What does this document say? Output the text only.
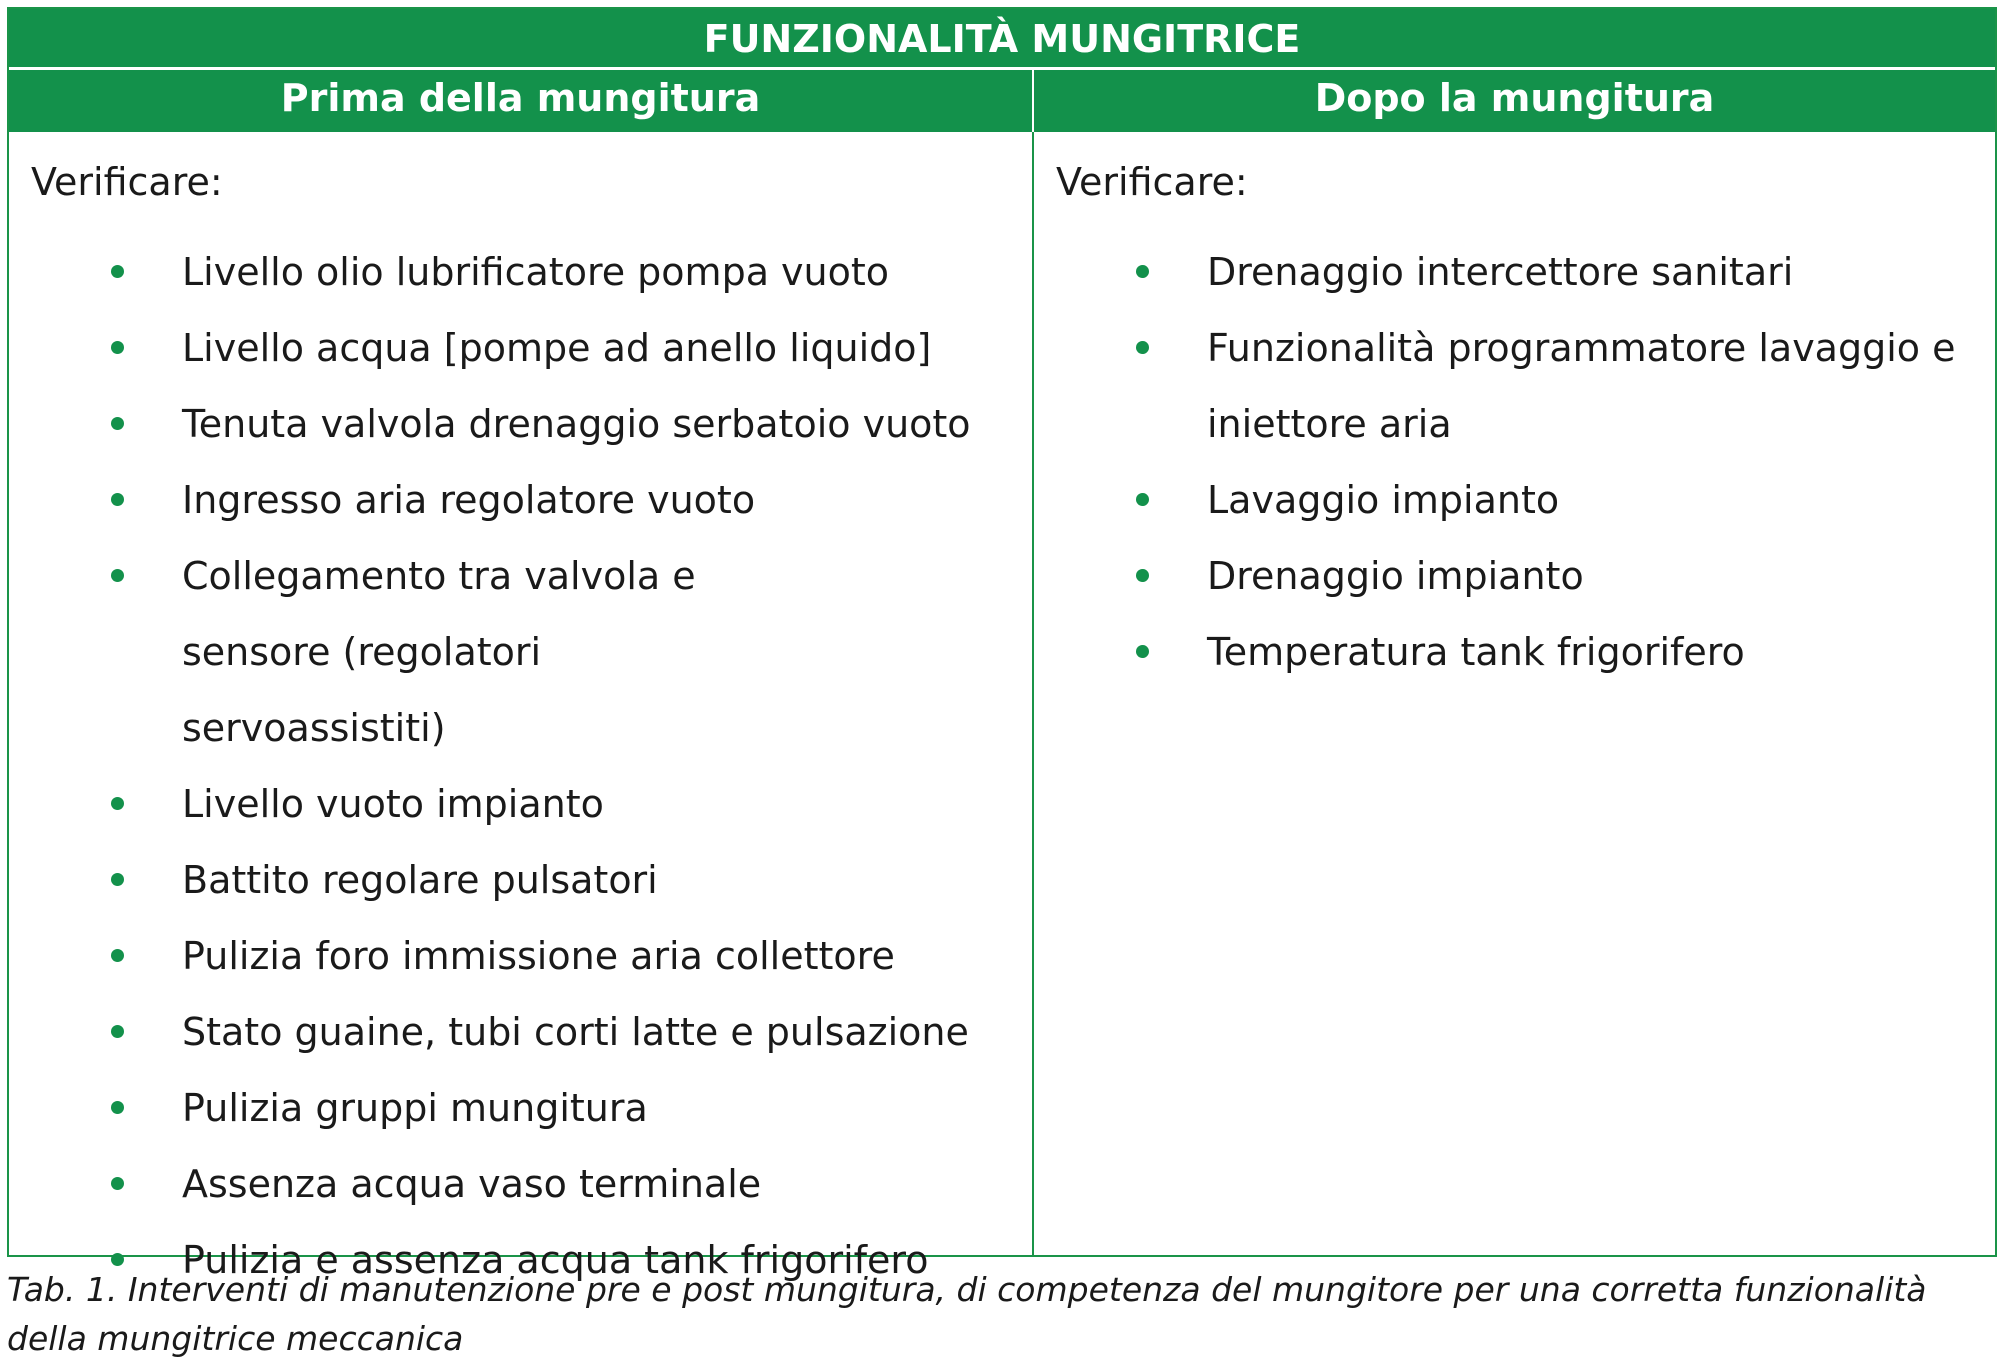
FUNZIONALITÀ MUNGITRICE
Prima della mungitura	Dopo la mungitura
Verificare:
Livello olio lubrificatore pompa vuoto
Livello acqua [pompe ad anello liquido]
Tenuta valvola drenaggio serbatoio vuoto
Ingresso aria regolatore vuoto
Collegamento tra valvola e sensore (regolatori servoassistiti)
Livello vuoto impianto
Battito regolare pulsatori
Pulizia foro immissione aria collettore
Stato guaine, tubi corti latte e pulsazione
Pulizia gruppi mungitura
Assenza acqua vaso terminale
Pulizia e assenza acqua tank frigorifero
Verificare:
Drenaggio intercettore sanitari
Funzionalità programmatore lavaggio e iniettore aria
Lavaggio impianto
Drenaggio impianto
Temperatura tank frigorifero
Tab. 1. Interventi di manutenzione pre e post mungitura, di competenza del mungitore per una corretta funzionalità della mungitrice meccanica
